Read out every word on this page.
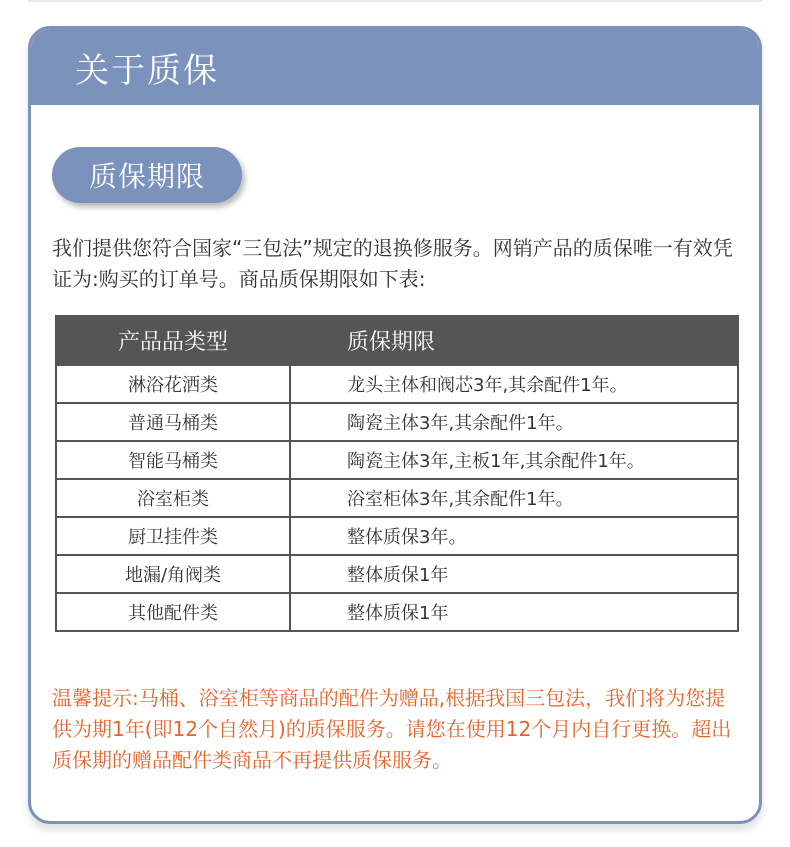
关于质保
质保期限

我们提供您符合国家“三包法”规定的退换修服务。网销产品的质保唯一有效凭证为:购买的订单号。商品质保期限如下表:

产品品类型	质保期限
淋浴花洒类	龙头主体和阀芯3年,其余配件1年。
普通马桶类	陶瓷主体3年,其余配件1年。
智能马桶类	陶瓷主体3年,主板1年,其余配件1年。
浴室柜类	浴室柜体3年,其余配件1年。
厨卫挂件类	整体质保3年。
地漏/角阀类	整体质保1年
其他配件类	整体质保1年

温馨提示:马桶、浴室柜等商品的配件为赠品,根据我国三包法，我们将为您提供为期1年(即12个自然月)的质保服务。请您在使用12个月内自行更换。超出质保期的赠品配件类商品不再提供质保服务。
